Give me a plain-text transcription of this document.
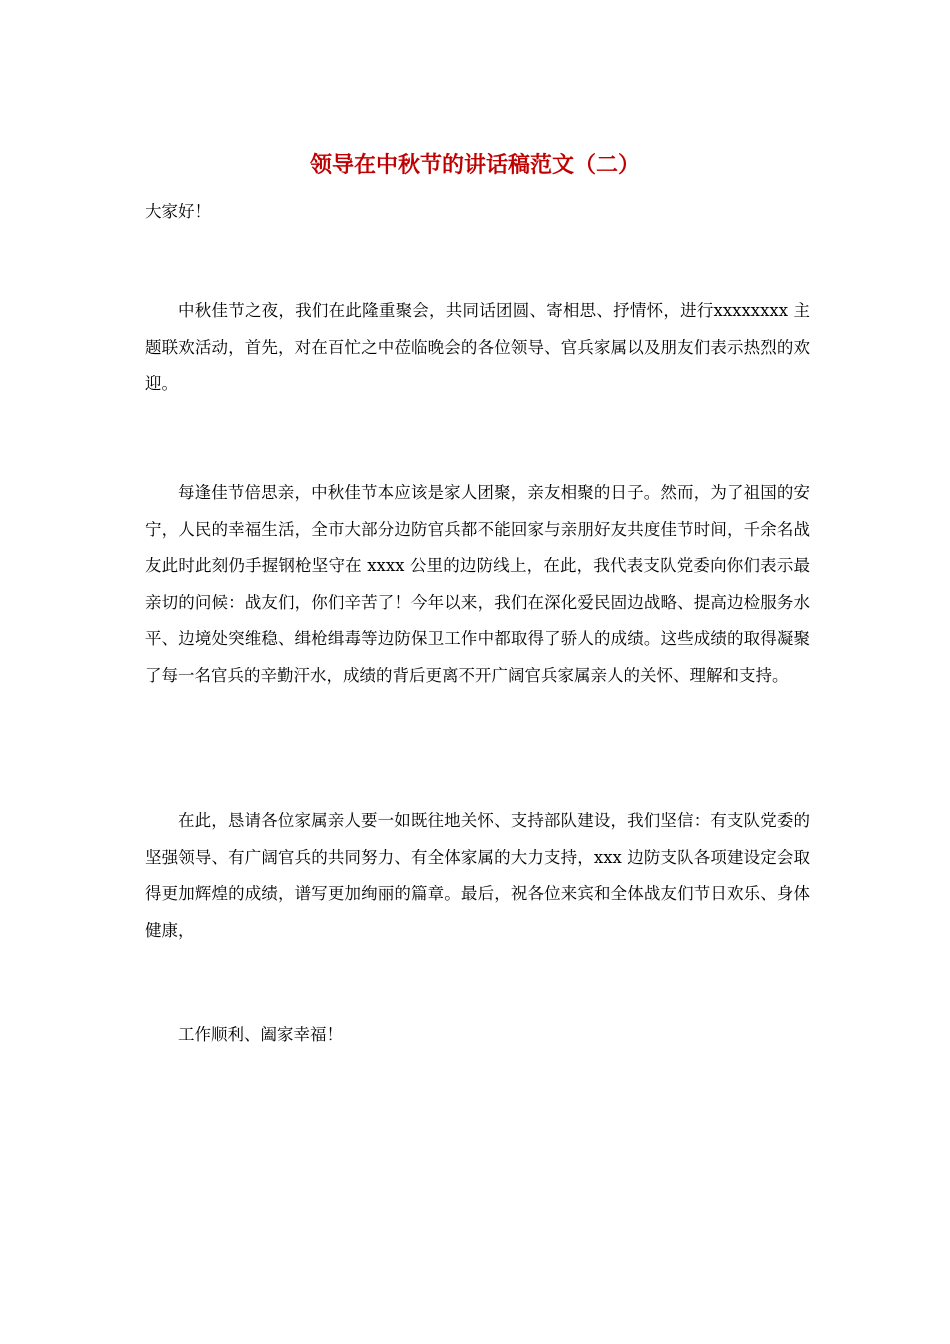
领导在中秋节的讲话稿范文（二）

大家好！

中秋佳节之夜，我们在此隆重聚会，共同话团圆、寄相思、抒情怀，进行xxxxxxxx 主题联欢活动，首先，对在百忙之中莅临晚会的各位领导、官兵家属以及朋友们表示热烈的欢迎。

每逢佳节倍思亲，中秋佳节本应该是家人团聚，亲友相聚的日子。然而，为了祖国的安宁，人民的幸福生活，全市大部分边防官兵都不能回家与亲朋好友共度佳节时间，千余名战友此时此刻仍手握钢枪坚守在 xxxx 公里的边防线上，在此，我代表支队党委向你们表示最亲切的问候：战友们，你们辛苦了！今年以来，我们在深化爱民固边战略、提高边检服务水平、边境处突维稳、缉枪缉毒等边防保卫工作中都取得了骄人的成绩。这些成绩的取得凝聚了每一名官兵的辛勤汗水，成绩的背后更离不开广阔官兵家属亲人的关怀、理解和支持。

在此，恳请各位家属亲人要一如既往地关怀、支持部队建设，我们坚信：有支队党委的坚强领导、有广阔官兵的共同努力、有全体家属的大力支持，xxx 边防支队各项建设定会取得更加辉煌的成绩，谱写更加绚丽的篇章。最后，祝各位来宾和全体战友们节日欢乐、身体健康，

工作顺利、阖家幸福！
